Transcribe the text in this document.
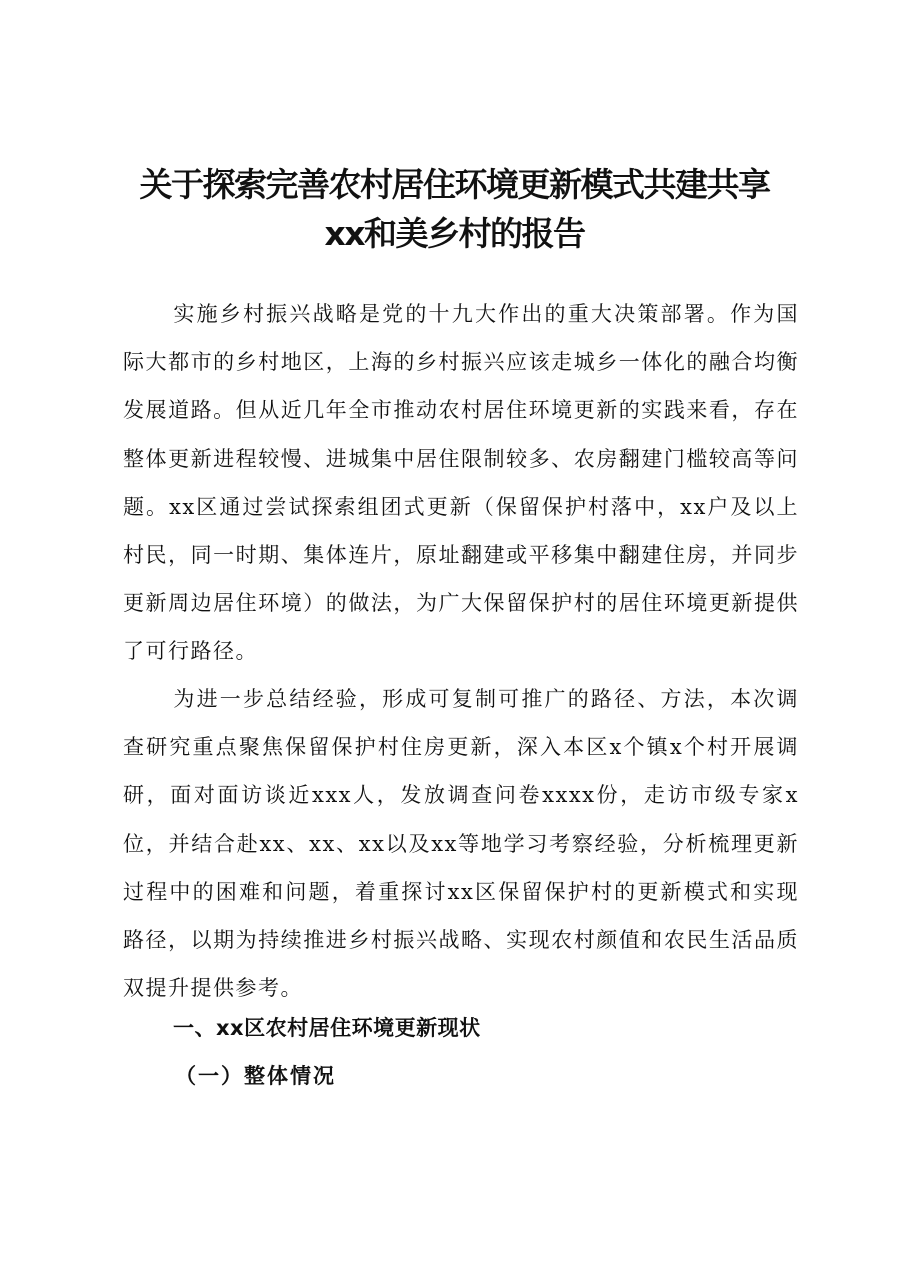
关于探索完善农村居住环境更新模式共建共享
xx和美乡村的报告

实施乡村振兴战略是党的十九大作出的重大决策部署。作为国际大都市的乡村地区，上海的乡村振兴应该走城乡一体化的融合均衡发展道路。但从近几年全市推动农村居住环境更新的实践来看，存在整体更新进程较慢、进城集中居住限制较多、农房翻建门槛较高等问题。xx区通过尝试探索组团式更新（保留保护村落中，xx户及以上村民，同一时期、集体连片，原址翻建或平移集中翻建住房，并同步更新周边居住环境）的做法，为广大保留保护村的居住环境更新提供了可行路径。

为进一步总结经验，形成可复制可推广的路径、方法，本次调查研究重点聚焦保留保护村住房更新，深入本区x个镇x个村开展调研，面对面访谈近xxx人，发放调查问卷xxxx份，走访市级专家x位，并结合赴xx、xx、xx以及xx等地学习考察经验，分析梳理更新过程中的困难和问题，着重探讨xx区保留保护村的更新模式和实现路径，以期为持续推进乡村振兴战略、实现农村颜值和农民生活品质双提升提供参考。

一、xx区农村居住环境更新现状
（一）整体情况
